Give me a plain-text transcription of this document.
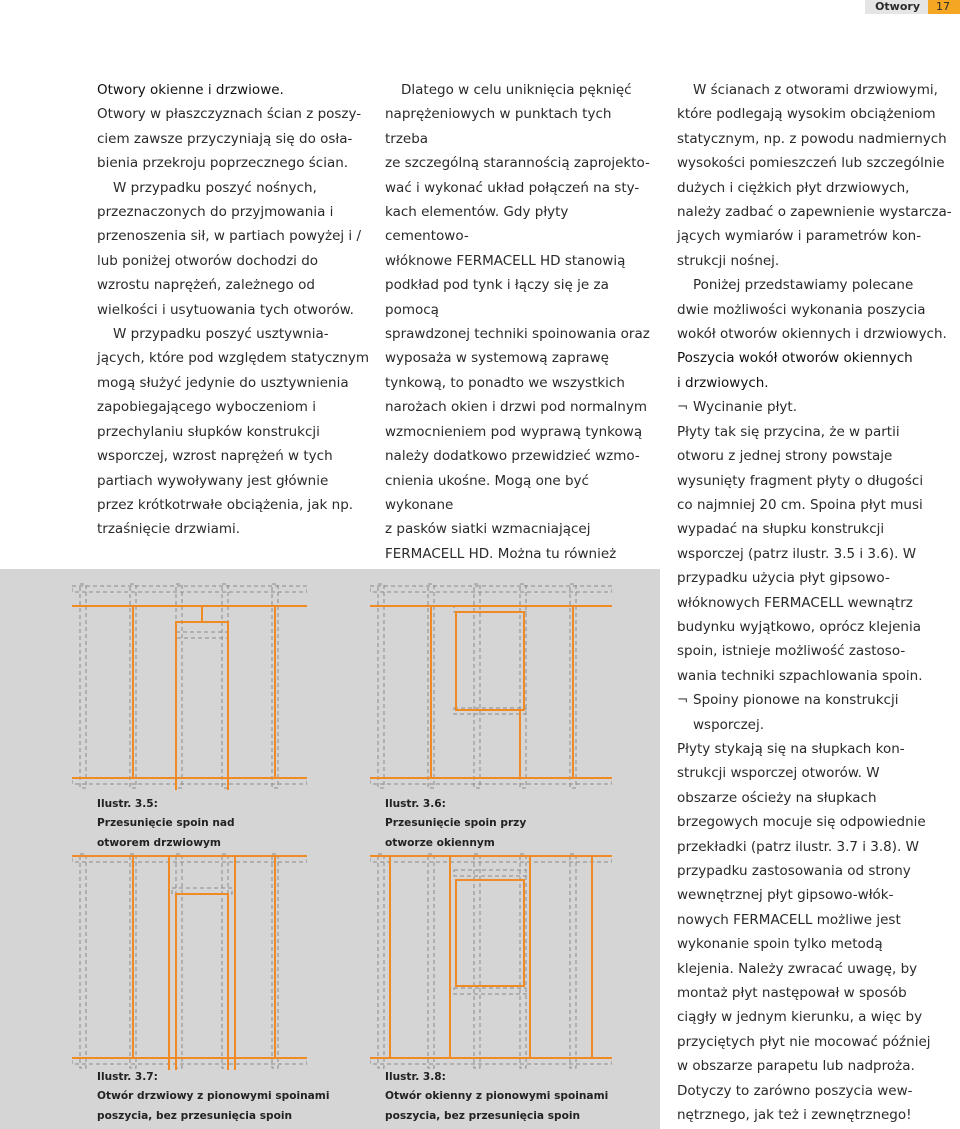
Otwory	17

Otwory okienne i drzwiowe.

Otwory w płaszczyznach ścian z poszy-
ciem zawsze przyczyniają się do osła-
bienia przekroju poprzecznego ścian.

W przypadku poszyć nośnych,
przeznaczonych do przyjmowania i
przenoszenia sił, w partiach powyżej i /
lub poniżej otworów dochodzi do
wzrostu naprężeń, zależnego od
wielkości i usytuowania tych otworów.

W przypadku poszyć usztywnia-
jących, które pod względem statycznym
mogą służyć jedynie do usztywnienia
zapobiegającego wyboczeniom i
przechylaniu słupków konstrukcji
wsporczej, wzrost naprężeń w tych
partiach wywoływany jest głównie
przez krótkotrwałe obciążenia, jak np.
trzaśnięcie drzwiami.

Dlatego w celu uniknięcia pęknięć
naprężeniowych w punktach tych trzeba
ze szczególną starannością zaprojekto-
wać i wykonać układ połączeń na sty-
kach elementów. Gdy płyty cementowo-
włóknowe FERMACELL HD stanowią
podkład pod tynk i łączy się je za pomocą
sprawdzonej techniki spoinowania oraz
wyposaża w systemową zaprawę
tynkową, to ponadto we wszystkich
narożach okien i drzwi pod normalnym
wzmocnieniem pod wyprawą tynkową
należy dodatkowo przewidzieć wzmo-
cnienia ukośne. Mogą one być wykonane
z pasków siatki wzmacniającej
FERMACELL HD. Można tu również

W ścianach z otworami drzwiowymi,
które podlegają wysokim obciążeniom
statycznym, np. z powodu nadmiernych
wysokości pomieszczeń lub szczególnie
dużych i ciężkich płyt drzwiowych,
należy zadbać o zapewnienie wystarcza-
jących wymiarów i parametrów kon-
strukcji nośnej.

Poniżej przedstawiamy polecane
dwie możliwości wykonania poszycia
wokół otworów okiennych i drzwiowych.

Poszycia wokół otworów okiennych
i drzwiowych.

¬ Wycinanie płyt.

Płyty tak się przycina, że w partii
otworu z jednej strony powstaje
wysunięty fragment płyty o długości
co najmniej 20 cm. Spoina płyt musi
wypadać na słupku konstrukcji
wsporczej (patrz ilustr. 3.5 i 3.6). W
przypadku użycia płyt gipsowo-
włóknowych FERMACELL wewnątrz
budynku wyjątkowo, oprócz klejenia
spoin, istnieje możliwość zastoso-
wania techniki szpachlowania spoin.

¬ Spoiny pionowe na konstrukcji
wsporczej.

Płyty stykają się na słupkach kon-
strukcji wsporczej otworów. W
obszarze ościeży na słupkach
brzegowych mocuje się odpowiednie
przekładki (patrz ilustr. 3.7 i 3.8). W
przypadku zastosowania od strony
wewnętrznej płyt gipsowo-włók-
nowych FERMACELL możliwe jest
wykonanie spoin tylko metodą
klejenia. Należy zwracać uwagę, by
montaż płyt następował w sposób
ciągły w jednym kierunku, a więc by
przyciętych płyt nie mocować później
w obszarze parapetu lub nadproża.
Dotyczy to zarówno poszycia wew-
nętrznego, jak też i zewnętrznego!

Ilustr. 3.5:
Przesunięcie spoin nad
otworem drzwiowym
Ilustr. 3.6:
Przesunięcie spoin przy
otworze okiennym
Ilustr. 3.7:
Otwór drzwiowy z pionowymi spoinami
poszycia, bez przesunięcia spoin
Ilustr. 3.8:
Otwór okienny z pionowymi spoinami
poszycia, bez przesunięcia spoin
